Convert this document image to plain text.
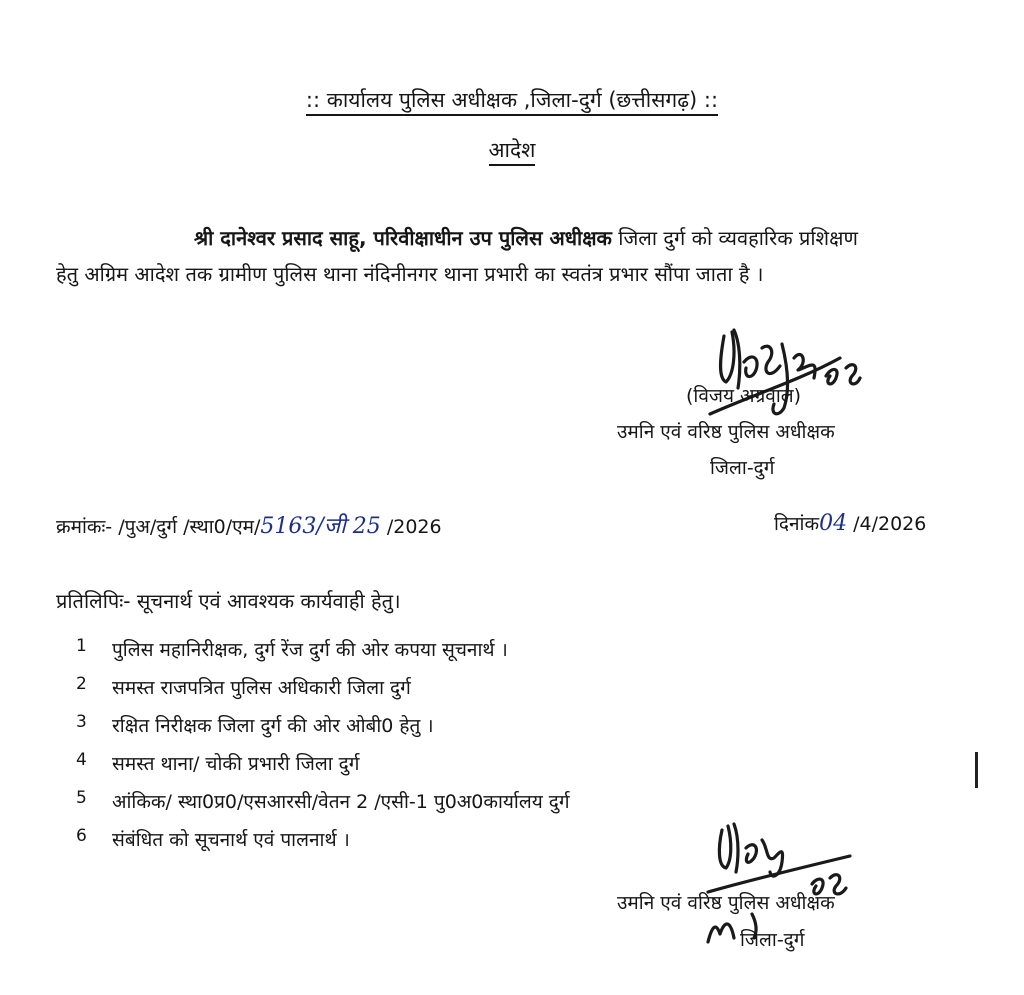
:: कार्यालय पुलिस अधीक्षक ,जिला-दुर्ग (छत्तीसगढ़) ::
आदेश
श्री दानेश्वर प्रसाद साहू, परिवीक्षाधीन उप पुलिस अधीक्षक जिला दुर्ग को व्यवहारिक प्रशिक्षण
हेतु अग्रिम आदेश तक ग्रामीण पुलिस थाना नंदिनीनगर थाना प्रभारी का स्वतंत्र प्रभार सौंपा जाता है ।
(विजय अग्रवाल)
उमनि एवं वरिष्ठ पुलिस अधीक्षक
जिला-दुर्ग
क्रमांकः- /पुअ/दुर्ग /स्था0/एम/5163/जी 25 /2026	दिनांक04 /4/2026
प्रतिलिपिः- सूचनार्थ एवं आवश्यक कार्यवाही हेतु।
1	पुलिस महानिरीक्षक, दुर्ग रेंज दुर्ग की ओर कपया सूचनार्थ ।
2	समस्त राजपत्रित पुलिस अधिकारी जिला दुर्ग
3	रक्षित निरीक्षक जिला दुर्ग की ओर ओबी0 हेतु ।
4	समस्त थाना/ चोकी प्रभारी जिला दुर्ग
5	आंकिक/ स्था0प्र0/एसआरसी/वेतन 2 /एसी-1 पु0अ0कार्यालय दुर्ग
6	संबंधित को सूचनार्थ एवं पालनार्थ ।
उमनि एवं वरिष्ठ पुलिस अधीक्षक
जिला-दुर्ग
